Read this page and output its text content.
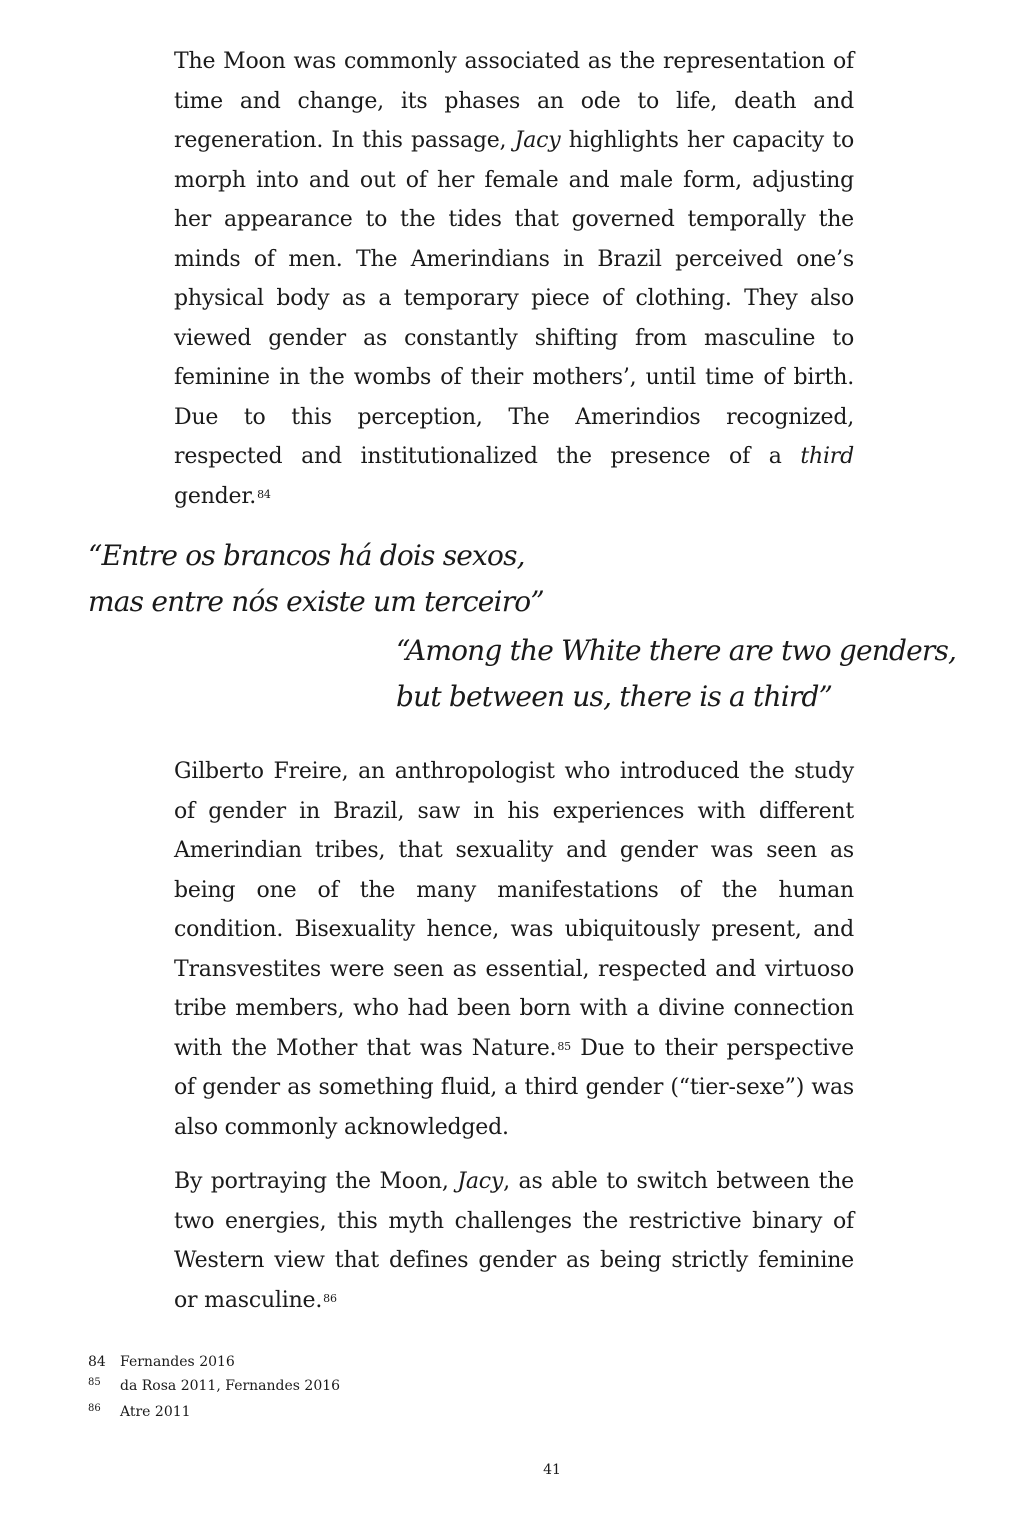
The Moon was commonly associated as the representation of time and change, its phases an ode to life, death and regeneration. In this passage, Jacy highlights her capacity to morph into and out of her female and male form, adjusting her appearance to the tides that governed temporally the minds of men. The Amerindians in Brazil perceived one’s physical body as a temporary piece of clothing. They also viewed gender as constantly shifting from masculine to feminine in the wombs of their mothers’, until time of birth. Due to this perception, The Amerindios recognized, respected and institutionalized the presence of a third gender.$^{84}$

“Entre os brancos há dois sexos,
mas entre nós existe um terceiro”
“Among the White there are two genders,
but between us, there is a third”

Gilberto Freire, an anthropologist who introduced the study of gender in Brazil, saw in his experiences with different Amerindian tribes, that sexuality and gender was seen as being one of the many manifestations of the human condition. Bisexuality hence, was ubiquitously present, and Transvestites were seen as essential, respected and virtuoso tribe members, who had been born with a divine connection with the Mother that was Nature.$^{85}$ Due to their perspective of gender as something fluid, a third gender (“tier-sexe”) was also commonly acknowledged.

By portraying the Moon, Jacy, as able to switch between the two energies, this myth challenges the restrictive binary of Western view that defines gender as being strictly feminine or masculine.$^{86}$

84	Fernandes 2016
85	da Rosa 2011, Fernandes 2016
86	Atre 2011
41
